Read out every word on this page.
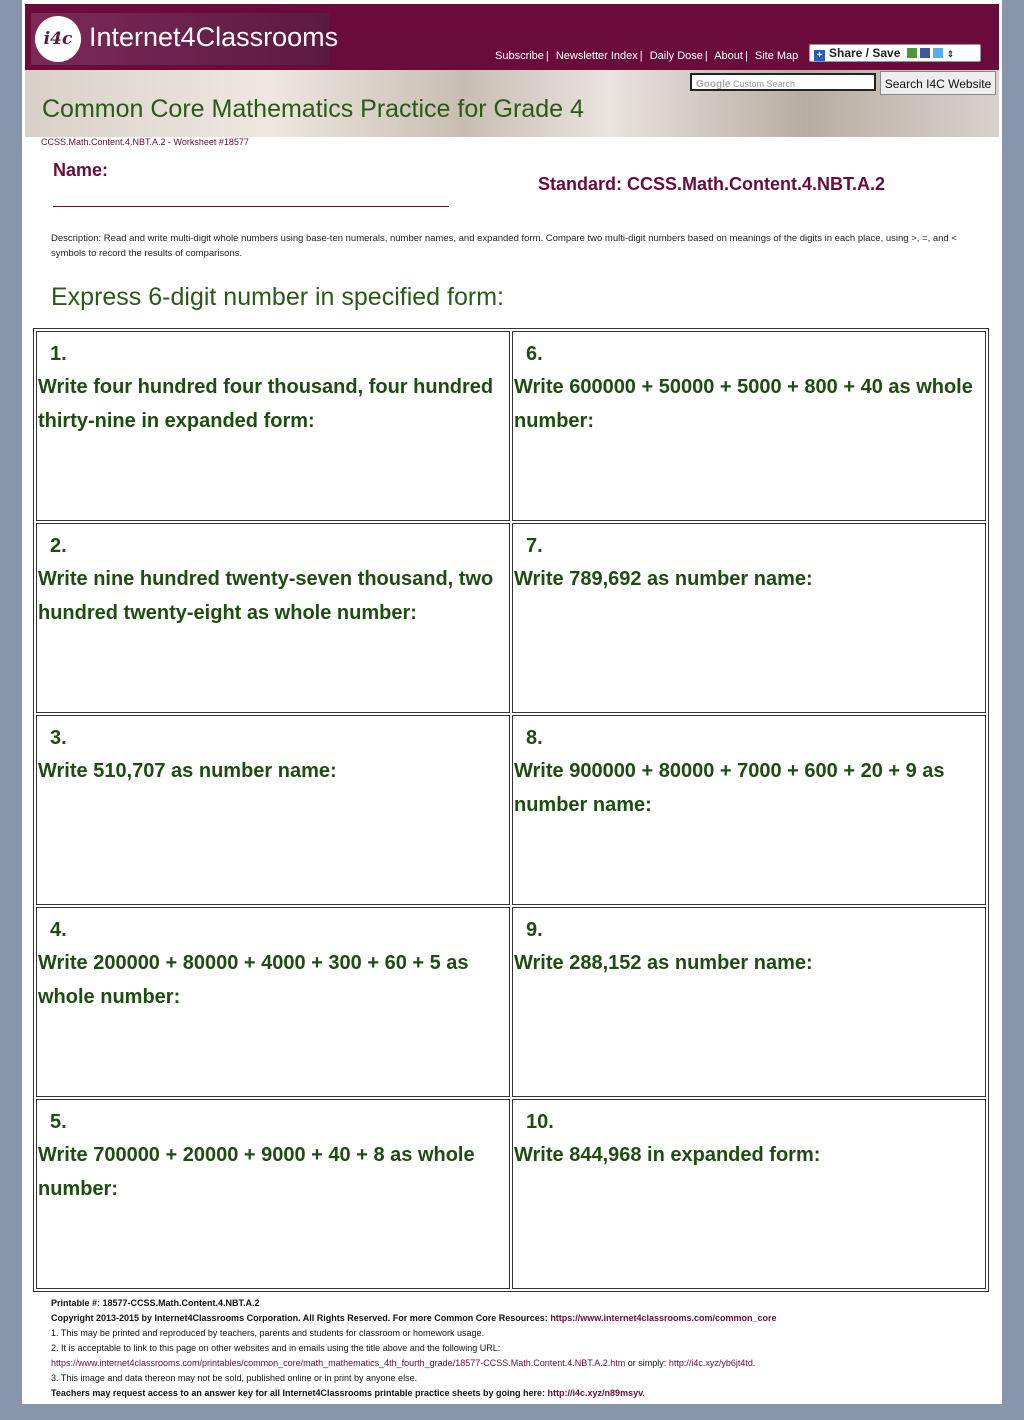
i4c Internet4Classrooms
Subscribe | Newsletter Index | Daily Dose | About | Site Map	+ Share / Save	⇕
Google Custom Search	Search I4C Website
Common Core Mathematics Practice for Grade 4
CCSS.Math.Content.4.NBT.A.2 - Worksheet #18577
Name:
Standard: CCSS.Math.Content.4.NBT.A.2
Description: Read and write multi-digit whole numbers using base-ten numerals, number names, and expanded form. Compare two multi-digit numbers based on meanings of the digits in each place, using >, =, and < symbols to record the results of comparisons.
Express 6-digit number in specified form:
1.
Write four hundred four thousand, four hundred thirty-nine in expanded form:
2.
Write nine hundred twenty-seven thousand, two hundred twenty-eight as whole number:
3.
Write 510,707 as number name:
4.
Write 200000 + 80000 + 4000 + 300 + 60 + 5 as whole number:
5.
Write 700000 + 20000 + 9000 + 40 + 8 as whole number:
6.
Write 600000 + 50000 + 5000 + 800 + 40 as whole number:
7.
Write 789,692 as number name:
8.
Write 900000 + 80000 + 7000 + 600 + 20 + 9 as number name:
9.
Write 288,152 as number name:
10.
Write 844,968 in expanded form:
Printable #: 18577-CCSS.Math.Content.4.NBT.A.2
Copyright 2013-2015 by Internet4Classrooms Corporation. All Rights Reserved. For more Common Core Resources: https://www.internet4classrooms.com/common_core
1. This may be printed and reproduced by teachers, parents and students for classroom or homework usage.
2. It is acceptable to link to this page on other websites and in emails using the title above and the following URL:
https://www.internet4classrooms.com/printables/common_core/math_mathematics_4th_fourth_grade/18577-CCSS.Math.Content.4.NBT.A.2.htm or simply: http://i4c.xyz/yb6jt4td.
3. This image and data thereon may not be sold, published online or in print by anyone else.
Teachers may request access to an answer key for all Internet4Classrooms printable practice sheets by going here: http://i4c.xyz/n89msyv.
